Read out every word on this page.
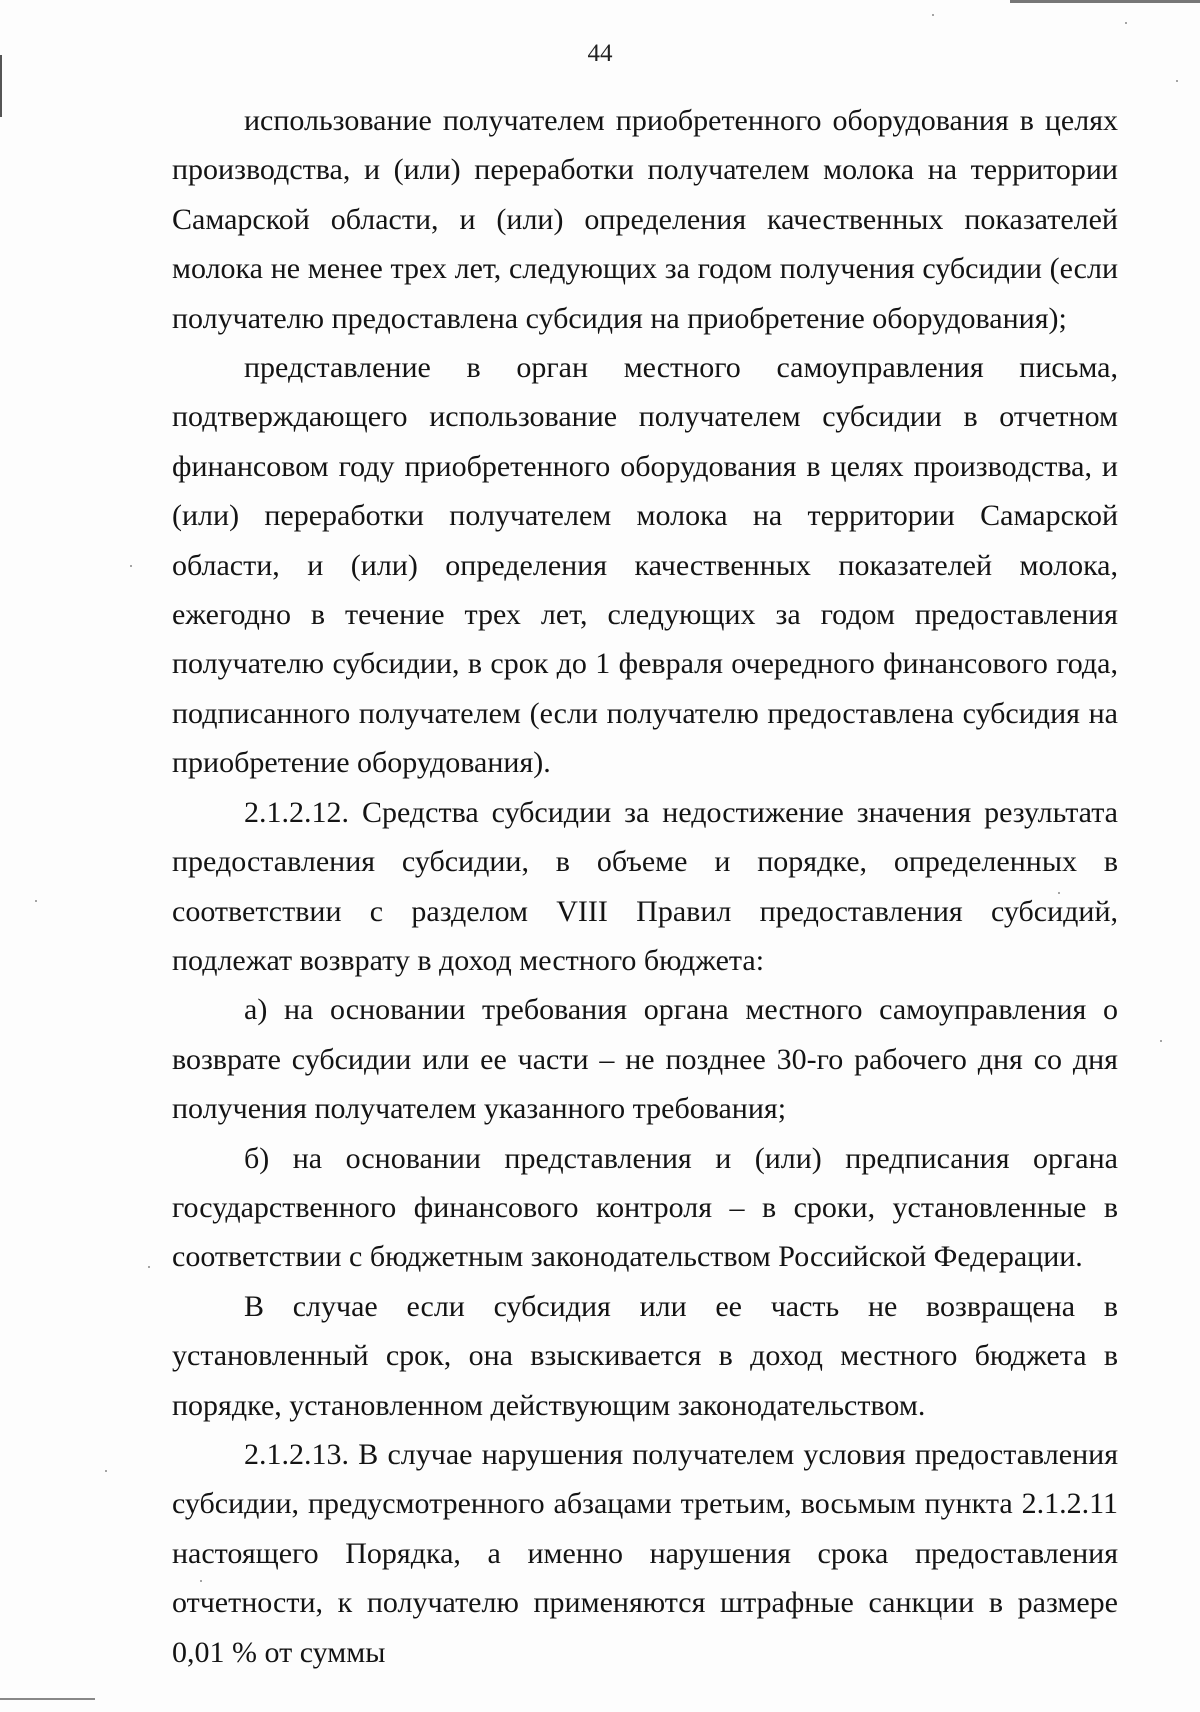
44

использование получателем приобретенного оборудования в целях производства, и (или) переработки получателем молока на территории Самарской области, и (или) определения качественных показателей молока не менее трех лет, следующих за годом получения субсидии (если получателю предоставлена субсидия на приобретение оборудования);

представление в орган местного самоуправления письма, подтверждающего использование получателем субсидии в отчетном финансовом году приобретенного оборудования в целях производства, и (или) переработки получателем молока на территории Самарской области, и (или) определения качественных показателей молока, ежегодно в течение трех лет, следующих за годом предоставления получателю субсидии, в срок до 1 февраля очередного финансового года, подписанного получателем (если получателю предоставлена субсидия на приобретение оборудования).

2.1.2.12. Средства субсидии за недостижение значения результата предоставления субсидии, в объеме и порядке, определенных в соответствии с разделом VIII Правил предоставления субсидий, подлежат возврату в доход местного бюджета:

а) на основании требования органа местного самоуправления о возврате субсидии или ее части – не позднее 30-го рабочего дня со дня получения получателем указанного требования;

б) на основании представления и (или) предписания органа государственного финансового контроля – в сроки, установленные в соответствии с бюджетным законодательством Российской Федерации.

В случае если субсидия или ее часть не возвращена в установленный срок, она взыскивается в доход местного бюджета в порядке, установленном действующим законодательством.

2.1.2.13. В случае нарушения получателем условия предоставления субсидии, предусмотренного абзацами третьим, восьмым пункта 2.1.2.11 настоящего Порядка, а именно нарушения срока предоставления отчетности, к получателю применяются штрафные санкции в размере 0,01 % от суммы
